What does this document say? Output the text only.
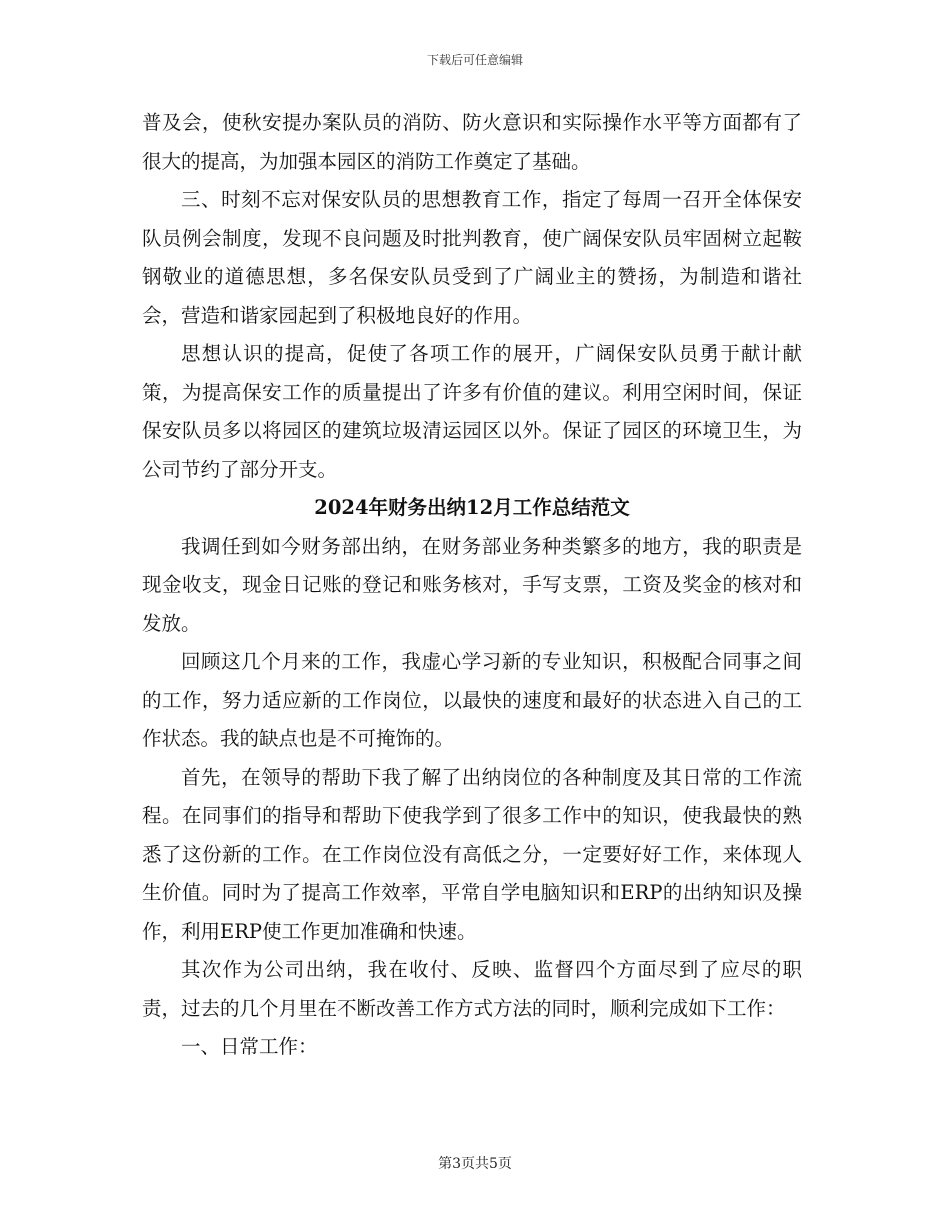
下载后可任意编辑

普及会，使秋安提办案队员的消防、防火意识和实际操作水平等方面都有了很大的提高，为加强本园区的消防工作奠定了基础。

三、时刻不忘对保安队员的思想教育工作，指定了每周一召开全体保安队员例会制度，发现不良问题及时批判教育，使广阔保安队员牢固树立起鞍钢敬业的道德思想，多名保安队员受到了广阔业主的赞扬，为制造和谐社会，营造和谐家园起到了积极地良好的作用。

思想认识的提高，促使了各项工作的展开，广阔保安队员勇于献计献策，为提高保安工作的质量提出了许多有价值的建议。利用空闲时间，保证保安队员多以将园区的建筑垃圾清运园区以外。保证了园区的环境卫生，为公司节约了部分开支。

2024年财务出纳12月工作总结范文

我调任到如今财务部出纳，在财务部业务种类繁多的地方，我的职责是现金收支，现金日记账的登记和账务核对，手写支票，工资及奖金的核对和发放。

回顾这几个月来的工作，我虚心学习新的专业知识，积极配合同事之间的工作，努力适应新的工作岗位，以最快的速度和最好的状态进入自己的工作状态。我的缺点也是不可掩饰的。

首先，在领导的帮助下我了解了出纳岗位的各种制度及其日常的工作流程。在同事们的指导和帮助下使我学到了很多工作中的知识，使我最快的熟悉了这份新的工作。在工作岗位没有高低之分，一定要好好工作，来体现人生价值。同时为了提高工作效率，平常自学电脑知识和ERP的出纳知识及操作，利用ERP使工作更加准确和快速。

其次作为公司出纳，我在收付、反映、监督四个方面尽到了应尽的职责，过去的几个月里在不断改善工作方式方法的同时，顺利完成如下工作：

一、日常工作：

第3页共5页
